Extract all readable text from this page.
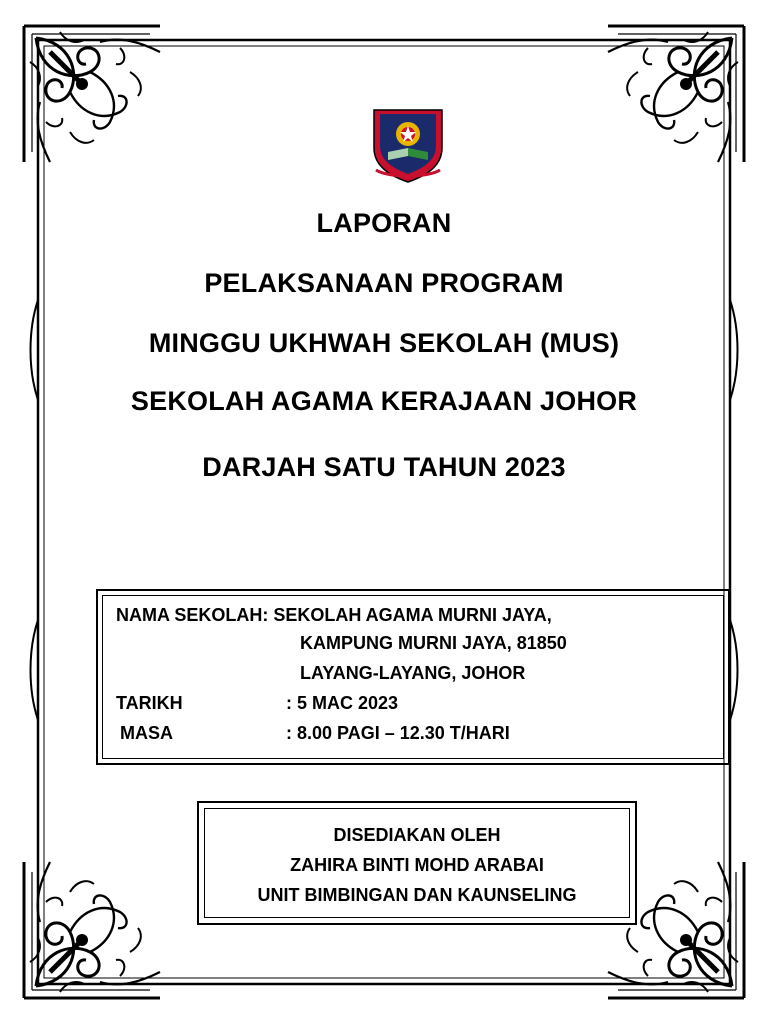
LAPORAN
PELAKSANAAN PROGRAM
MINGGU UKHWAH SEKOLAH (MUS)
SEKOLAH AGAMA KERAJAAN JOHOR
DARJAH SATU TAHUN 2023
NAMA SEKOLAH: SEKOLAH AGAMA MURNI JAYA,
KAMPUNG MURNI JAYA, 81850
LAYANG-LAYANG, JOHOR
TARIKH	: 5 MAC 2023
MASA	: 8.00 PAGI – 12.30 T/HARI
DISEDIAKAN OLEH
ZAHIRA BINTI MOHD ARABAI
UNIT BIMBINGAN DAN KAUNSELING
